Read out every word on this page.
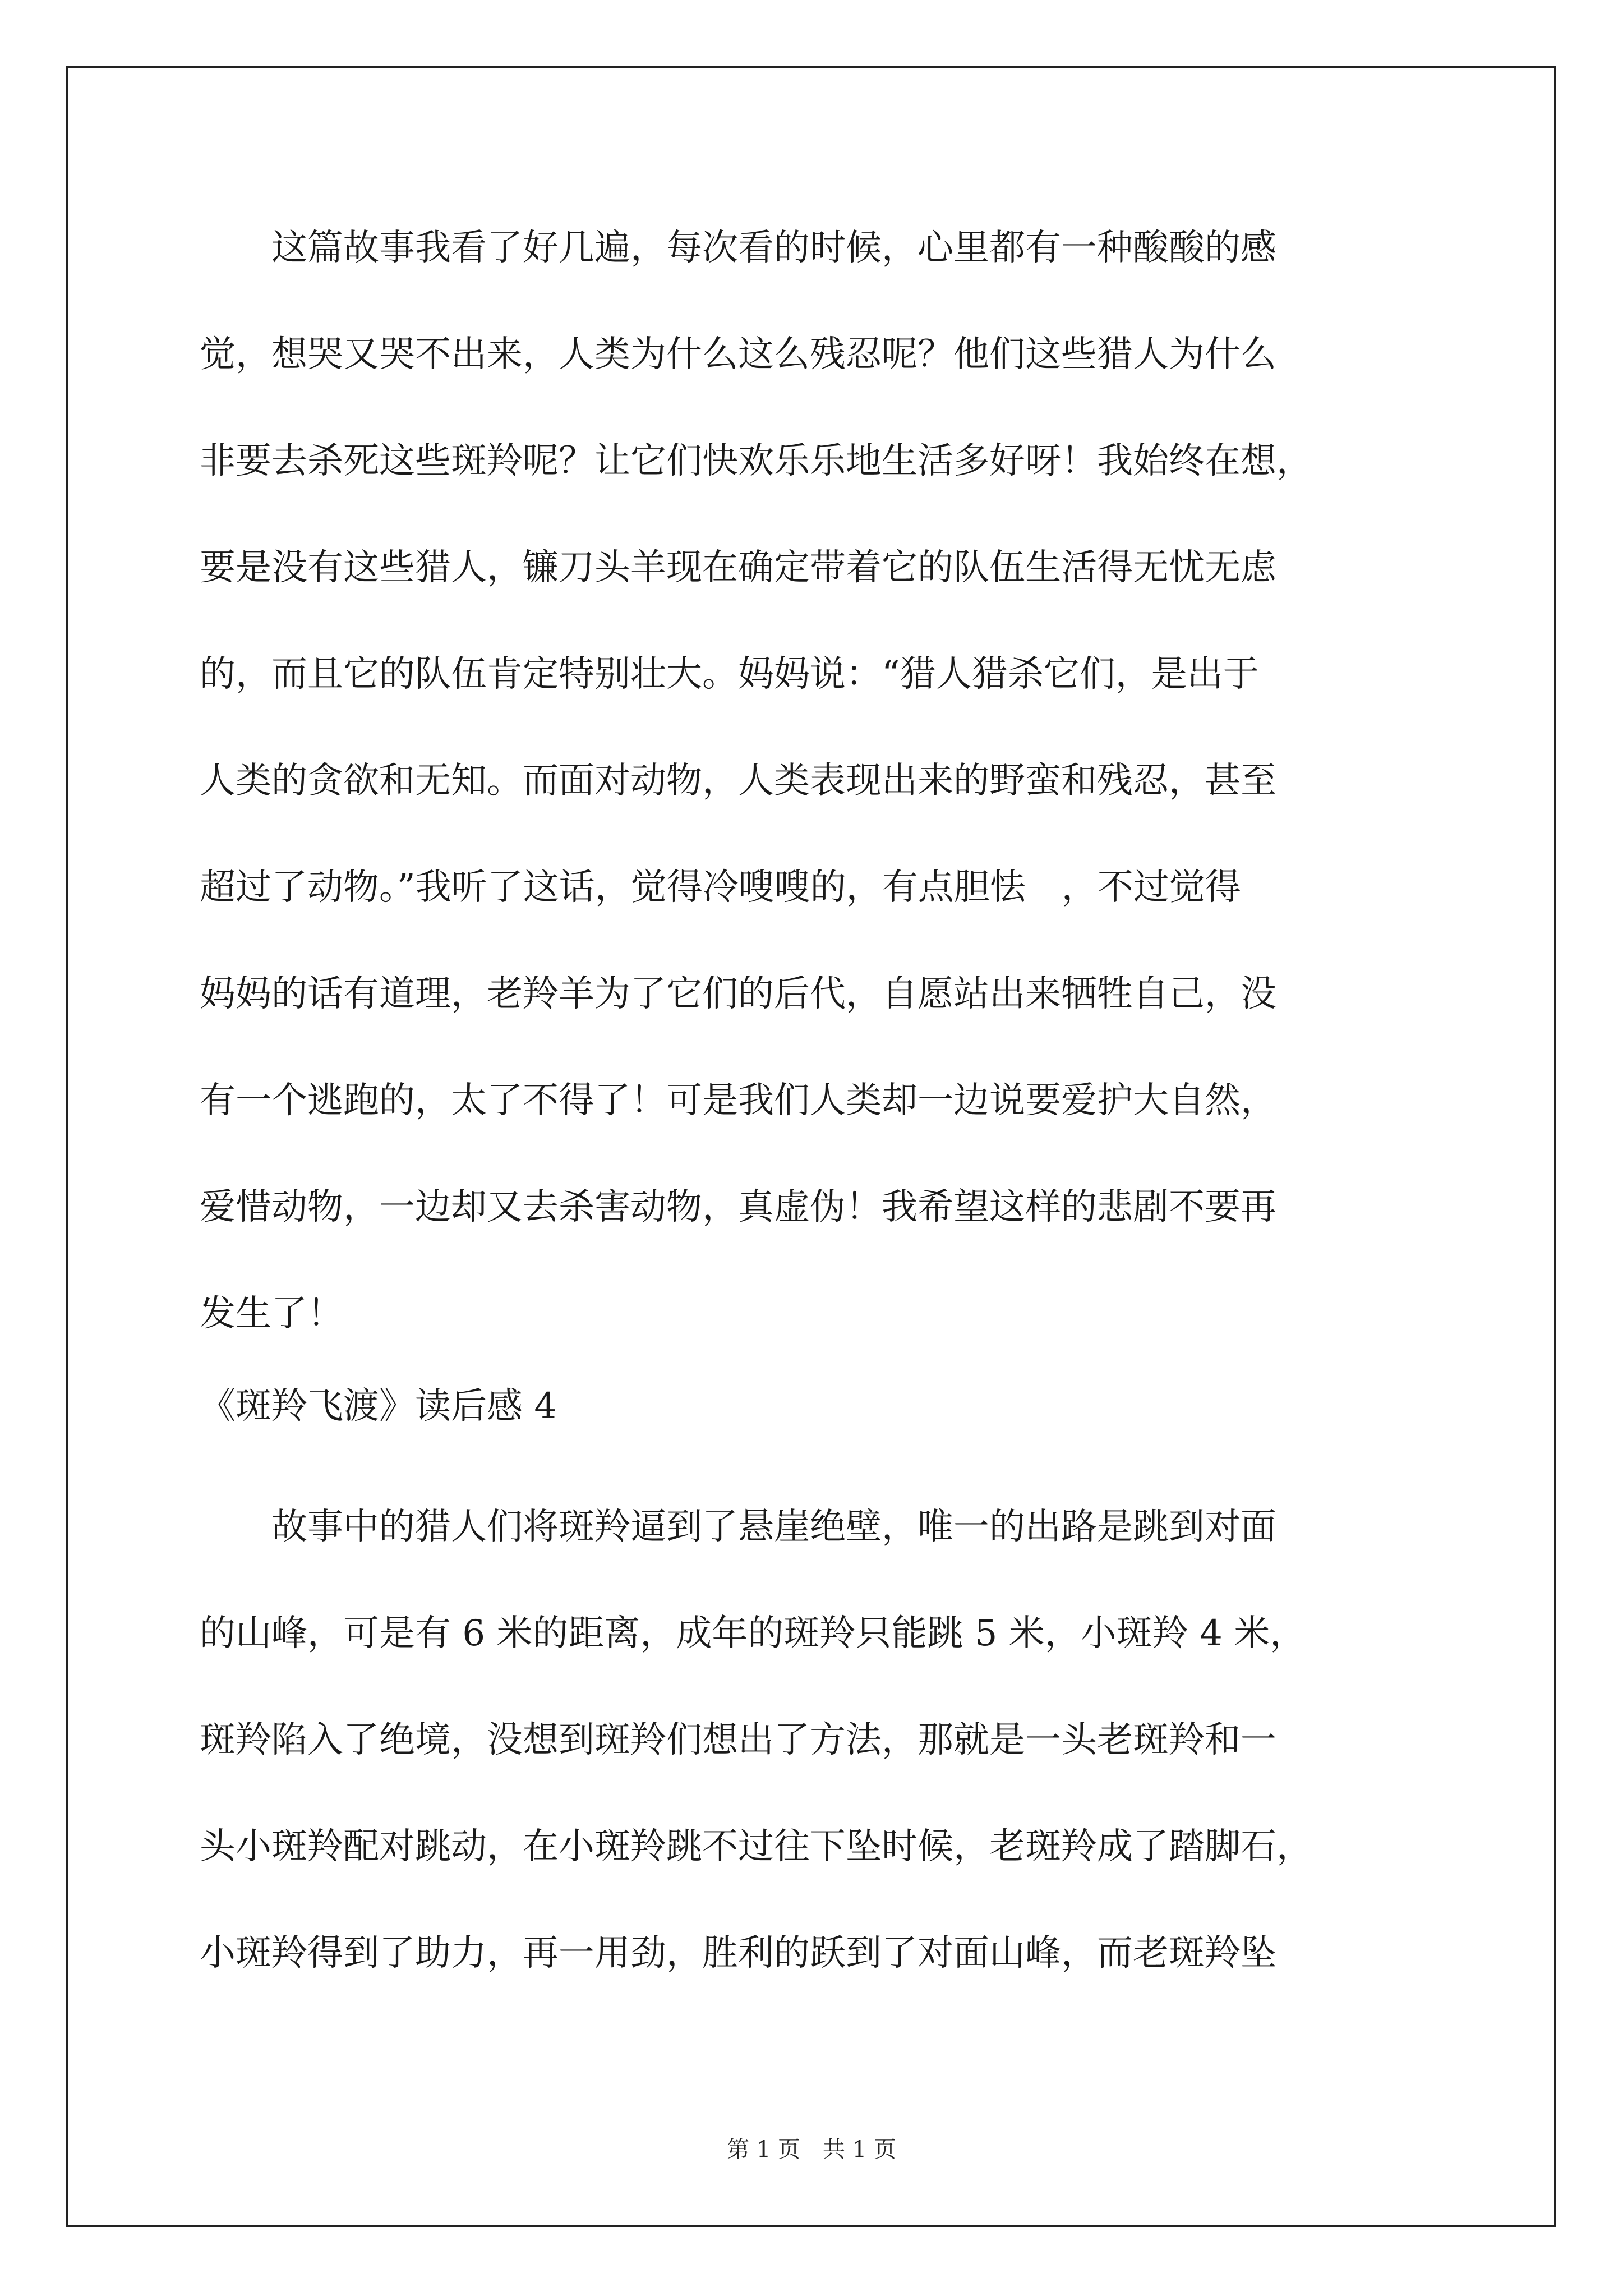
　　这篇故事我看了好几遍，每次看的时候，心里都有一种酸酸的感
觉，想哭又哭不出来，人类为什么这么残忍呢？他们这些猎人为什么
非要去杀死这些斑羚呢？让它们快欢乐乐地生活多好呀！我始终在想，
要是没有这些猎人，镰刀头羊现在确定带着它的队伍生活得无忧无虑
的，而且它的队伍肯定特别壮大。妈妈说：“猎人猎杀它们，是出于
人类的贪欲和无知。而面对动物，人类表现出来的野蛮和残忍，甚至
超过了动物。”我听了这话，觉得冷嗖嗖的，有点胆怯　，不过觉得
妈妈的话有道理，老羚羊为了它们的后代，自愿站出来牺牲自己，没
有一个逃跑的，太了不得了！可是我们人类却一边说要爱护大自然，
爱惜动物，一边却又去杀害动物，真虚伪！我希望这样的悲剧不要再
发生了！
《斑羚飞渡》读后感 4
　　故事中的猎人们将斑羚逼到了悬崖绝壁，唯一的出路是跳到对面
的山峰，可是有 6 米的距离，成年的斑羚只能跳 5 米，小斑羚 4 米，
斑羚陷入了绝境，没想到斑羚们想出了方法，那就是一头老斑羚和一
头小斑羚配对跳动，在小斑羚跳不过往下坠时候，老斑羚成了踏脚石，
小斑羚得到了助力，再一用劲，胜利的跃到了对面山峰，而老斑羚坠
第 1 页　共 1 页
